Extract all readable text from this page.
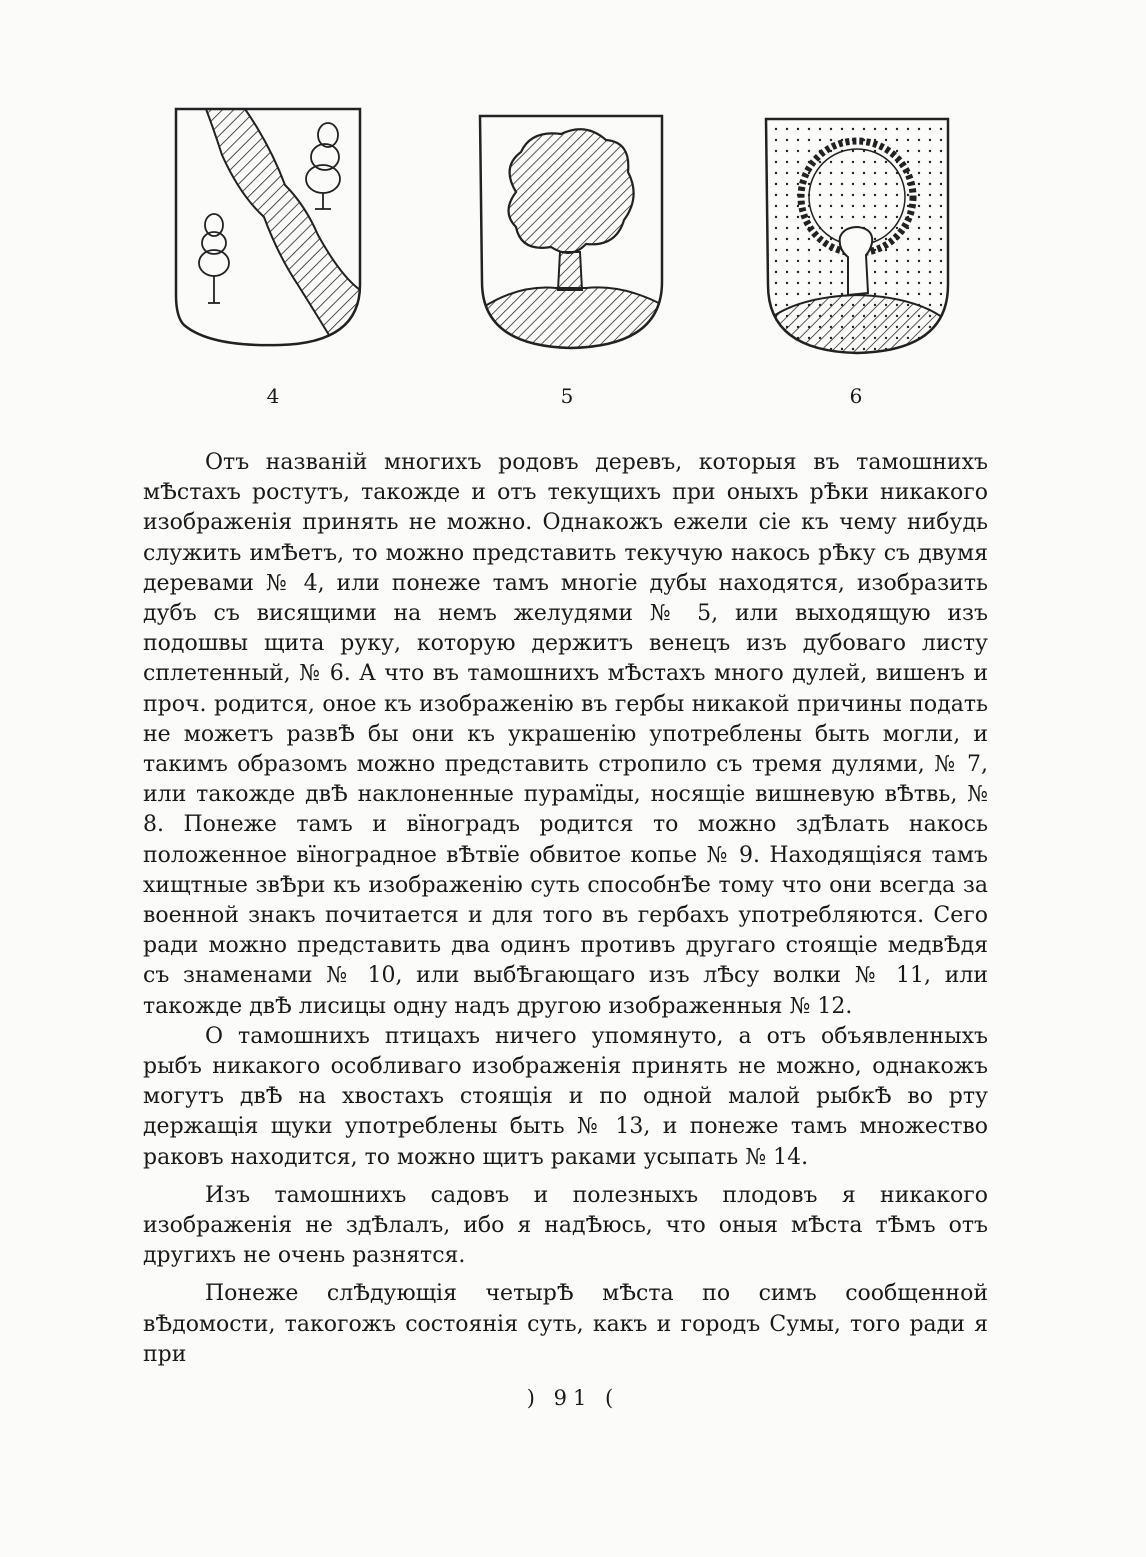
4	5	6

Отъ названій многихъ родовъ деревъ, которыя въ тамошнихъ мѢстахъ ростутъ, такожде и отъ текущихъ при оныхъ рѢки никакого изображенія принять не можно. Однакожъ ежели сіе къ чему нибудь служить имѢетъ, то можно представить текучую накось рѢку съ двумя деревами № 4, или понеже тамъ многіе дубы находятся, изобразить дубъ съ висящими на немъ желудями № 5, или выходящую изъ подошвы щита руку, которую держитъ венецъ изъ дубоваго листу сплетенный, № 6. А что въ тамошнихъ мѢстахъ много дулей, вишенъ и проч. родится, оное къ изображенію въ гербы никакой причины подать не можетъ развѢ бы они къ украшенію употреблены быть могли, и такимъ образомъ можно представить стропило съ тремя дулями, № 7, или такожде двѢ наклоненные пурамїды, носящіе вишневую вѢтвь, № 8. Понеже тамъ и вїноградъ родится то можно здѢлать накось положенное вїноградное вѢтвїе обвитое копье № 9. Находящіяся тамъ хищтные звѢри къ изображенію суть способнѢе тому что они всегда за военной знакъ почитается и для того въ гербахъ употребляются. Сего ради можно представить два одинъ противъ другаго стоящіе медвѢдя съ знаменами № 10, или выбѢгающаго изъ лѢсу волки № 11, или такожде двѢ лисицы одну надъ другою изображенныя № 12.

О тамошнихъ птицахъ ничего упомянуто, а отъ объявленныхъ рыбъ никакого особливаго изображенія принять не можно, однакожъ могутъ двѢ на хвостахъ стоящія и по одной малой рыбкѢ во рту держащія щуки употреблены быть № 13, и понеже тамъ множество раковъ находится, то можно щитъ раками усыпать № 14.

Изъ тамошнихъ садовъ и полезныхъ плодовъ я никакого изображенія не здѢлалъ, ибо я надѢюсь, что оныя мѢста тѢмъ отъ другихъ не очень разнятся.

Понеже слѢдующія четырѢ мѢста по симъ сообщенной вѢдомости, такогожъ состоянія суть, какъ и городъ Сумы, того ради я при

) 91 (
